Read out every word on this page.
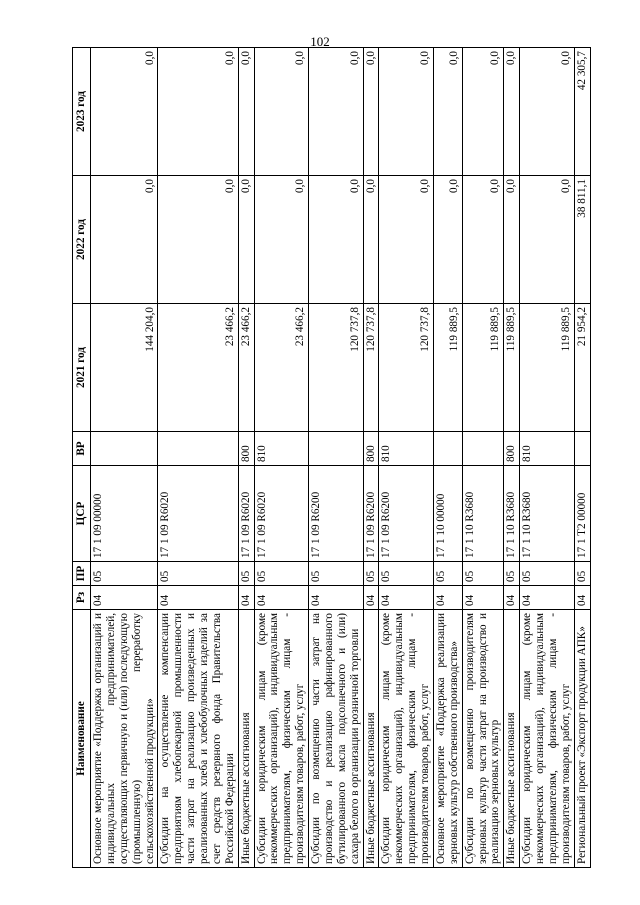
102
Наименование	Рз	ПР	ЦСР	ВР	2021 год	2022 год	2023 год
Основное мероприятие «Поддержка организаций и индивидуальных предпринимателей, осуществляющих первичную и (или) последующую (промышленную) переработку сельскохозяйственной продукции»	04	05	17 1 09 00000		144 204,0	0,0	0,0
Субсидии на осуществление компенсации предприятиям хлебопекарной промышленности части затрат на реализацию произведенных и реализованных хлеба и хлебобулочных изделий за счет средств резервного фонда Правительства Российской Федерации	04	05	17 1 09 R6020		23 466,2	0,0	0,0
Иные бюджетные ассигнования	04	05	17 1 09 R6020	800	23 466,2	0,0	0,0
Субсидии юридическим лицам (кроме некоммерческих организаций), индивидуальным предпринимателям, физическим лицам - производителям товаров, работ, услуг	04	05	17 1 09 R6020	810	23 466,2	0,0	0,0
Субсидии по возмещению части затрат на производство и реализацию рафинированного бутилированного масла подсолнечного и (или) сахара белого в организации розничной торговли	04	05	17 1 09 R6200		120 737,8	0,0	0,0
Иные бюджетные ассигнования	04	05	17 1 09 R6200	800	120 737,8	0,0	0,0
Субсидии юридическим лицам (кроме некоммерческих организаций), индивидуальным предпринимателям, физическим лицам - производителям товаров, работ, услуг	04	05	17 1 09 R6200	810	120 737,8	0,0	0,0
Основное мероприятие «Поддержка реализации зерновых культур собственного производства»	04	05	17 1 10 00000		119 889,5	0,0	0,0
Субсидии по возмещению производителям зерновых культур части затрат на производство и реализацию зерновых культур	04	05	17 1 10 R3680		119 889,5	0,0	0,0
Иные бюджетные ассигнования	04	05	17 1 10 R3680	800	119 889,5	0,0	0,0
Субсидии юридическим лицам (кроме некоммерческих организаций), индивидуальным предпринимателям, физическим лицам - производителям товаров, работ, услуг	04	05	17 1 10 R3680	810	119 889,5	0,0	0,0
Региональный проект «Экспорт продукции АПК»	04	05	17 1 T2 00000		21 954,2	38 811,1	42 305,7
